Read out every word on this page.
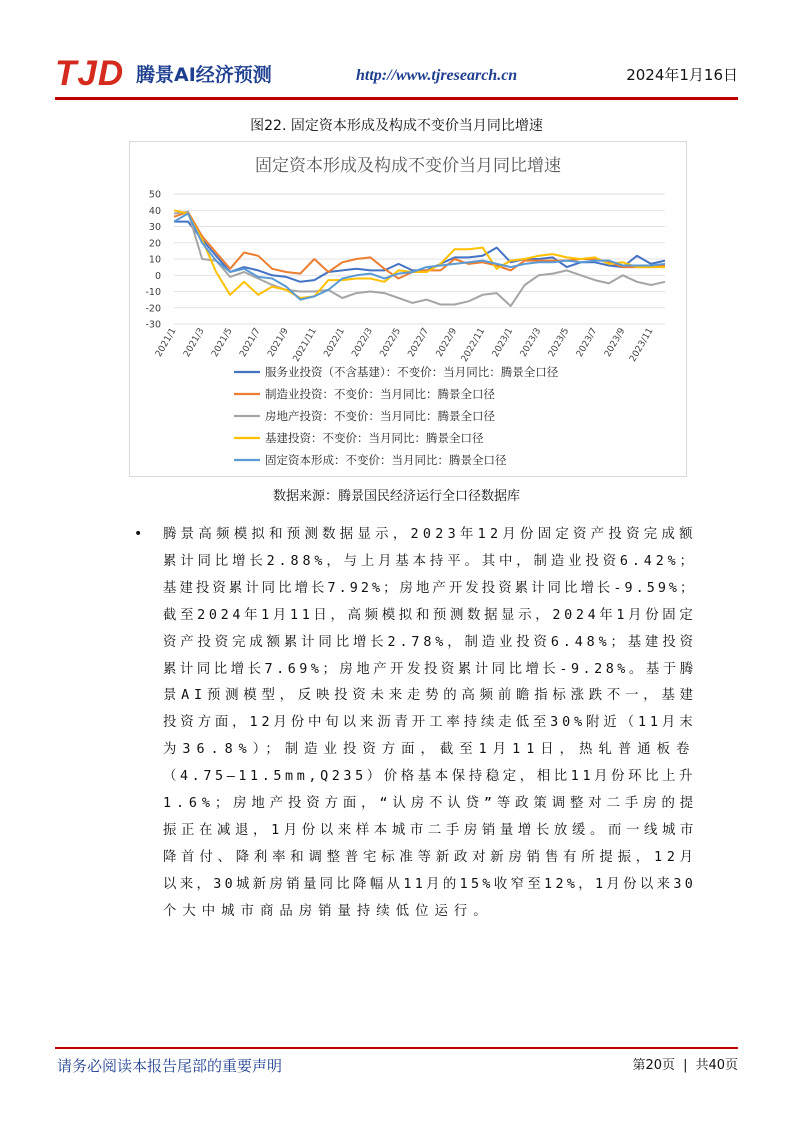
TJD 腾景AI经济预测	http://www.tjresearch.cn	2024年1月16日
图22. 固定资本形成及构成不变价当月同比增速
固定资本形成及构成不变价当月同比增速
50
40
30
20
10
0
-10
-20
-30
2021/1 2021/3 2021/5 2021/7 2021/9 2021/11 2022/1 2022/3 2022/5 2022/7 2022/9 2022/11 2023/1 2023/3 2023/5 2023/7 2023/9 2023/11
服务业投资（不含基建）：不变价：当月同比：腾景全口径
制造业投资：不变价：当月同比：腾景全口径
房地产投资：不变价：当月同比：腾景全口径
基建投资：不变价：当月同比：腾景全口径
固定资本形成：不变价：当月同比：腾景全口径
数据来源：腾景国民经济运行全口径数据库
• 腾景高频模拟和预测数据显示，2023年12月份固定资产投资完成额
累计同比增长2.88%，与上月基本持平。其中，制造业投资6.42%；
基建投资累计同比增长7.92%；房地产开发投资累计同比增长-9.59%；
截至2024年1月11日，高频模拟和预测数据显示，2024年1月份固定
资产投资完成额累计同比增长2.78%，制造业投资6.48%；基建投资
累计同比增长7.69%；房地产开发投资累计同比增长-9.28%。基于腾
景AI预测模型，反映投资未来走势的高频前瞻指标涨跌不一，基建
投资方面，12月份中旬以来沥青开工率持续走低至30%附近（11月末
为36.8%）；制造业投资方面，截至1月11日，热轧普通板卷
（4.75—11.5mm,Q235）价格基本保持稳定，相比11月份环比上升
1.6%；房地产投资方面，“认房不认贷”等政策调整对二手房的提
振正在减退，1月份以来样本城市二手房销量增长放缓。而一线城市
降首付、降利率和调整普宅标准等新政对新房销售有所提振，12月
以来，30城新房销量同比降幅从11月的15%收窄至12%，1月份以来30
个大中城市商品房销量持续低位运行。
请务必阅读本报告尾部的重要声明	第20页 | 共40页
